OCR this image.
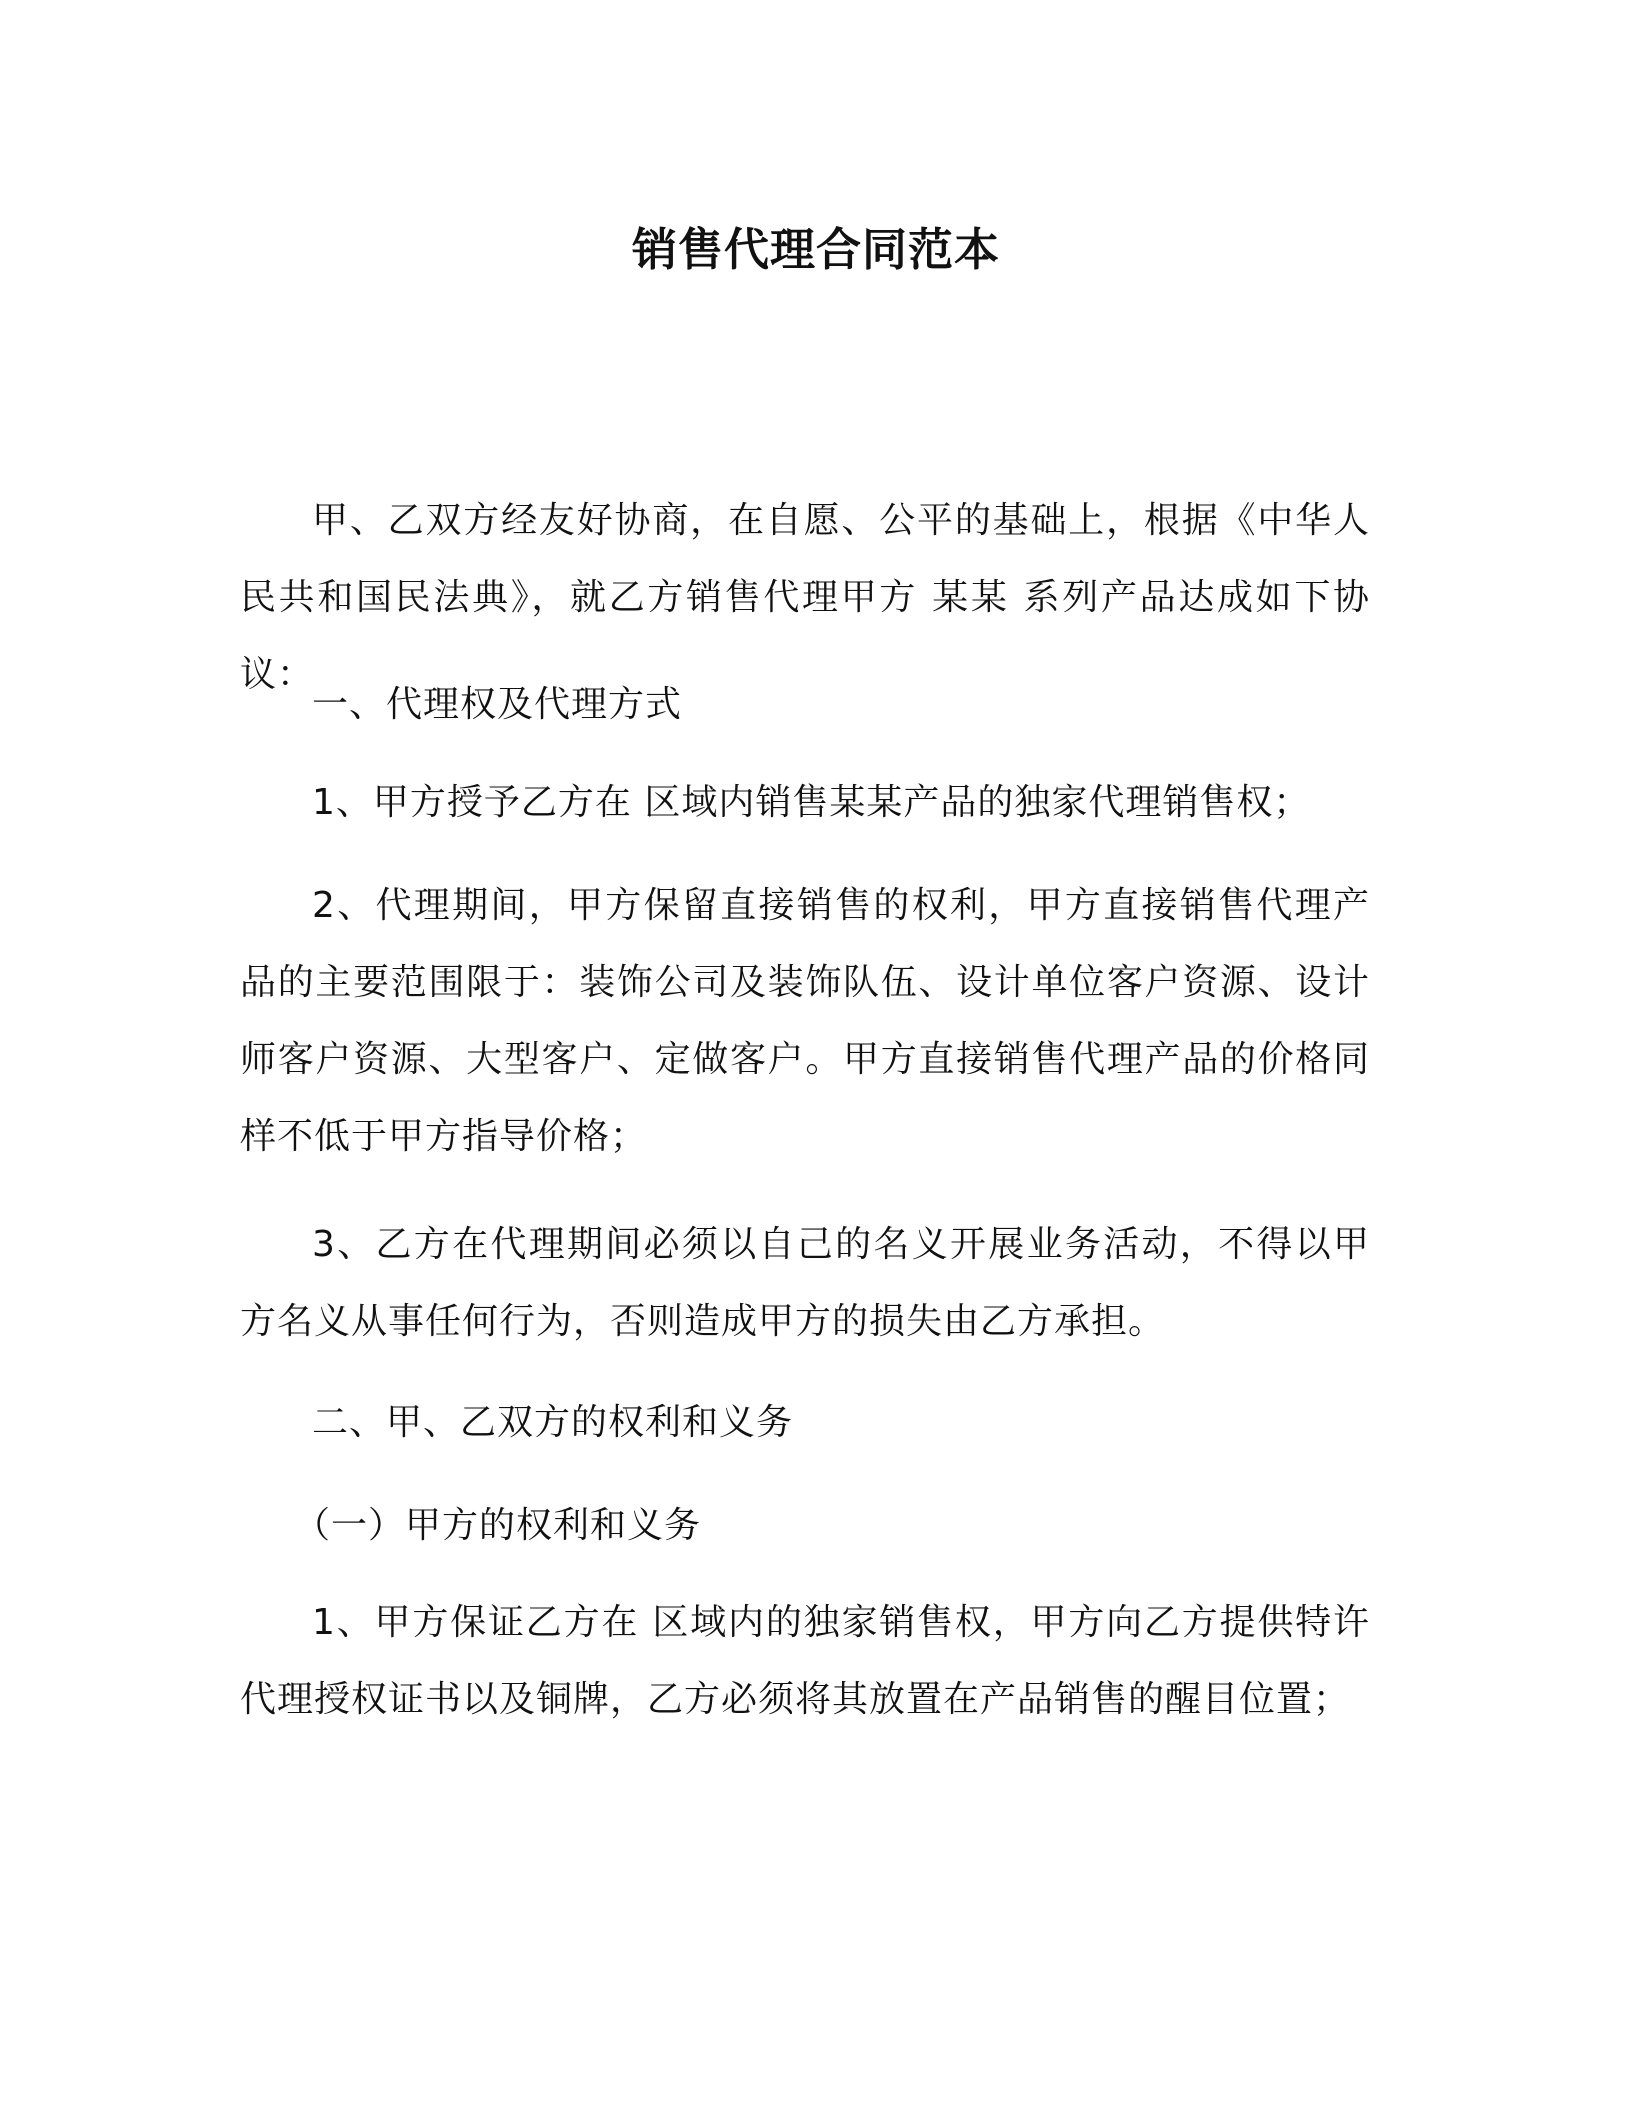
销售代理合同范本

甲、乙双方经友好协商，在自愿、公平的基础上，根据《中华人民共和国民法典》，就乙方销售代理甲方 某某 系列产品达成如下协议：

一、代理权及代理方式

1、甲方授予乙方在 区域内销售某某产品的独家代理销售权；

2、代理期间，甲方保留直接销售的权利，甲方直接销售代理产品的主要范围限于：装饰公司及装饰队伍、设计单位客户资源、设计师客户资源、大型客户、定做客户。甲方直接销售代理产品的价格同样不低于甲方指导价格；

3、乙方在代理期间必须以自己的名义开展业务活动，不得以甲方名义从事任何行为，否则造成甲方的损失由乙方承担。

二、甲、乙双方的权利和义务

（一）甲方的权利和义务

1、甲方保证乙方在 区域内的独家销售权，甲方向乙方提供特许代理授权证书以及铜牌，乙方必须将其放置在产品销售的醒目位置；
